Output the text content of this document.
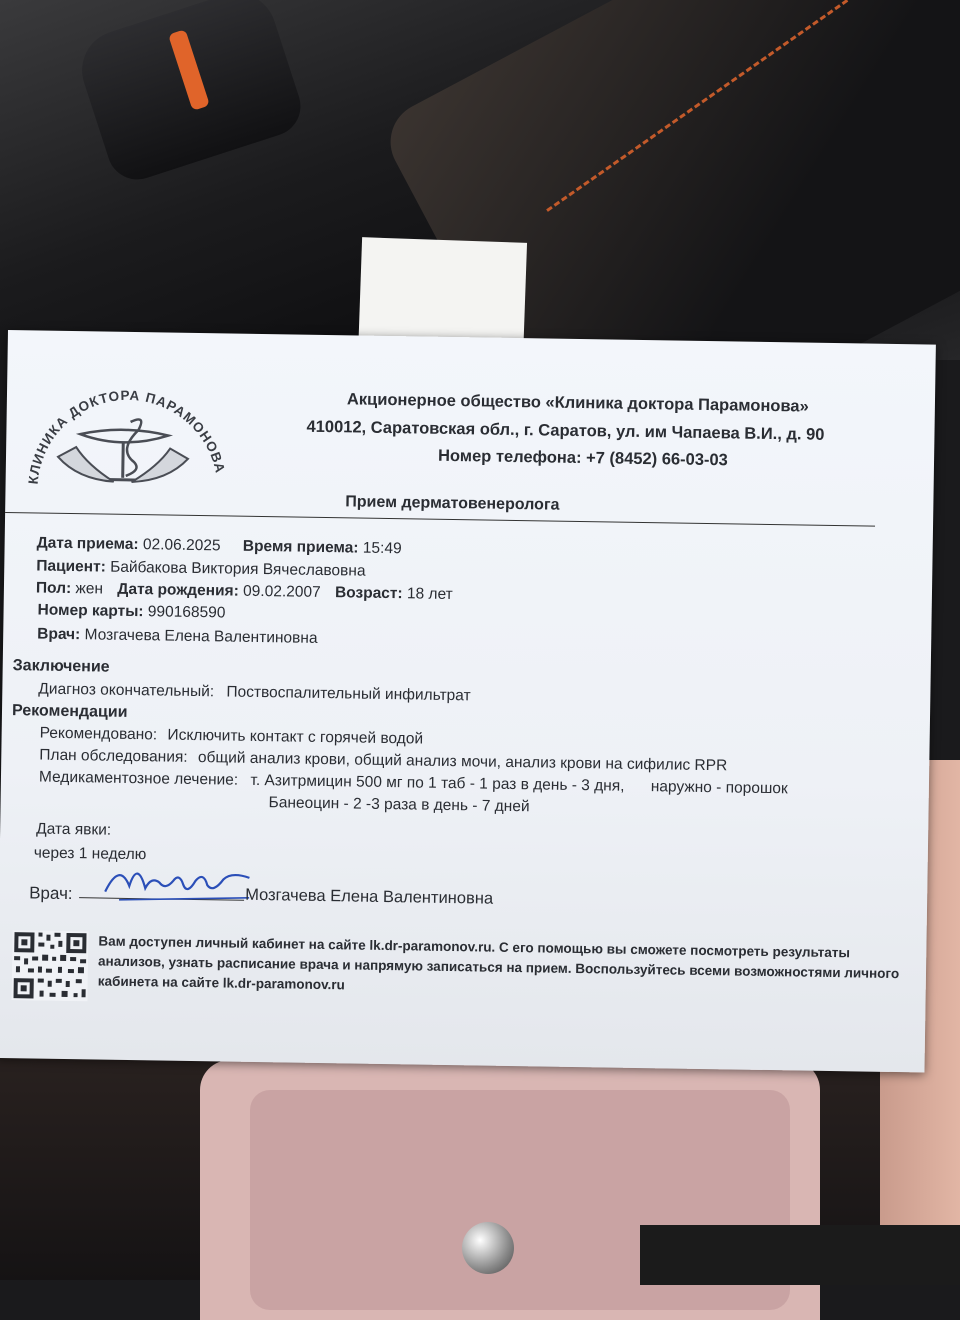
КЛИНИКА ДОКТОРА ПАРАМОНОВА
Акционерное общество «Клиника доктора Парамонова»
410012, Саратовская обл., г. Саратов, ул. им Чапаева В.И., д. 90
Номер телефона: +7 (8452) 66-03-03
Прием дерматовенеролога
Дата приема: 02.06.2025 Время приема: 15:49
Пациент: Байбакова Виктория Вячеславовна
Пол: жен Дата рождения: 09.02.2007 Возраст: 18 лет
Номер карты: 990168590
Врач: Мозгачева Елена Валентиновна
Заключение
Диагноз окончательный: Поствоспалительный инфильтрат
Рекомендации
Рекомендовано: Исключить контакт с горячей водой
План обследования: общий анализ крови, общий анализ мочи, анализ крови на сифилис RPR
Медикаментозное лечение: т. Азитрмицин 500 мг по 1 таб - 1 раз в день - 3 дня, наружно - порошок
Банеоцин - 2 -3 раза в день - 7 дней
Дата явки:
через 1 неделю
Врач:	Мозгачева Елена Валентиновна
Вам доступен личный кабинет на сайте lk.dr-paramonov.ru. С его помощью вы сможете посмотреть результаты анализов, узнать расписание врача и напрямую записаться на прием. Воспользуйтесь всеми возможностями личного кабинета на сайте lk.dr-paramonov.ru
